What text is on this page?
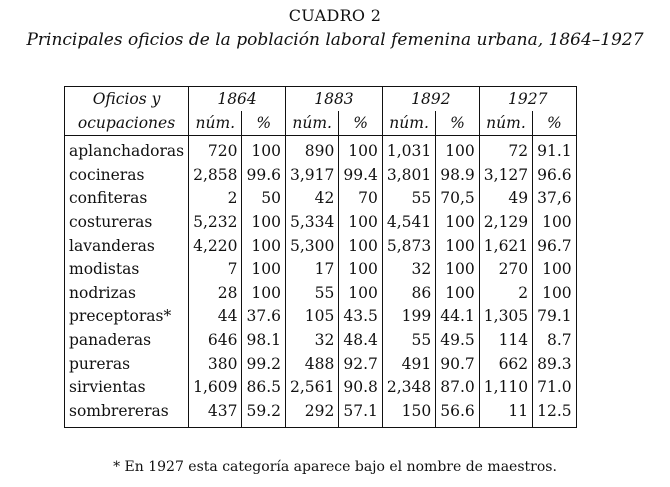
CUADRO 2
Principales oficios de la población laboral femenina urbana, 1864–1927
Oficios y	1864		1883		1892		1927	
ocupaciones	núm.	%	núm.	%	núm.	%	núm.	%
aplanchadoras	720	100	890	100	1,031	100	72	91.1
cocineras	2,858	99.6	3,917	99.4	3,801	98.9	3,127	96.6
confiteras	2	50	42	70	55	70,5	49	37,6
costureras	5,232	100	5,334	100	4,541	100	2,129	100
lavanderas	4,220	100	5,300	100	5,873	100	1,621	96.7
modistas	7	100	17	100	32	100	270	100
nodrizas	28	100	55	100	86	100	2	100
preceptoras*	44	37.6	105	43.5	199	44.1	1,305	79.1
panaderas	646	98.1	32	48.4	55	49.5	114	8.7
pureras	380	99.2	488	92.7	491	90.7	662	89.3
sirvientas	1,609	86.5	2,561	90.8	2,348	87.0	1,110	71.0
sombrereras	437	59.2	292	57.1	150	56.6	11	12.5
* En 1927 esta categoría aparece bajo el nombre de maestros.
